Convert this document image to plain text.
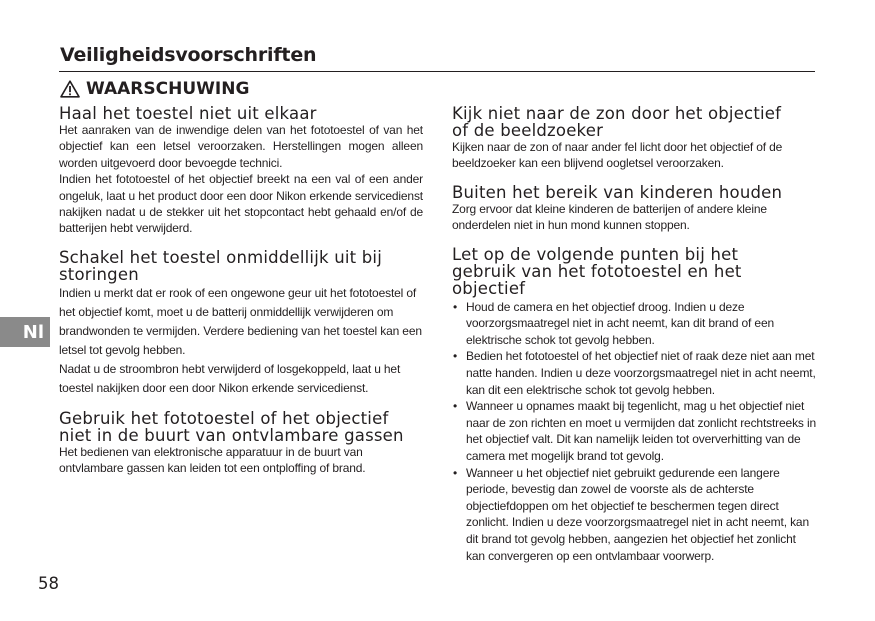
Veiligheidsvoorschriften
WAARSCHUWING
Haal het toestel niet uit elkaar

Het aanraken van de inwendige delen van het fototoestel of van het objectief kan een letsel veroorzaken. Herstellingen mogen alleen worden uitgevoerd door bevoegde technici.

Indien het fototoestel of het objectief breekt na een val of een ander ongeluk, laat u het product door een door Nikon erkende servicedienst nakijken nadat u de stekker uit het stopcontact hebt gehaald en/of de batterijen hebt verwijderd.

Schakel het toestel onmiddellijk uit bij storingen

Indien u merkt dat er rook of een ongewone geur uit het fototoestel of het objectief komt, moet u de batterij onmiddellijk verwijderen om brandwonden te vermijden. Verdere bediening van het toestel kan een letsel tot gevolg hebben.

Nadat u de stroombron hebt verwijderd of losgekoppeld, laat u het toestel nakijken door een door Nikon erkende servicedienst.

Gebruik het fototoestel of het objectief niet in de buurt van ontvlambare gassen

Het bedienen van elektronische apparatuur in de buurt van ontvlambare gassen kan leiden tot een ontploffing of brand.

Kijk niet naar de zon door het objectief of de beeldzoeker

Kijken naar de zon of naar ander fel licht door het objectief of de beeldzoeker kan een blijvend oogletsel veroorzaken.

Buiten het bereik van kinderen houden

Zorg ervoor dat kleine kinderen de batterijen of andere kleine onderdelen niet in hun mond kunnen stoppen.

Let op de volgende punten bij het gebruik van het fototoestel en het objectief
• Houd de camera en het objectief droog. Indien u deze voorzorgsmaatregel niet in acht neemt, kan dit brand of een elektrische schok tot gevolg hebben.
• Bedien het fototoestel of het objectief niet of raak deze niet aan met natte handen. Indien u deze voorzorgsmaatregel niet in acht neemt, kan dit een elektrische schok tot gevolg hebben.
• Wanneer u opnames maakt bij tegenlicht, mag u het objectief niet naar de zon richten en moet u vermijden dat zonlicht rechtstreeks in het objectief valt. Dit kan namelijk leiden tot oververhitting van de camera met mogelijk brand tot gevolg.
• Wanneer u het objectief niet gebruikt gedurende een langere periode, bevestig dan zowel de voorste als de achterste objectiefdoppen om het objectief te beschermen tegen direct zonlicht. Indien u deze voorzorgsmaatregel niet in acht neemt, kan dit brand tot gevolg hebben, aangezien het objectief het zonlicht kan convergeren op een ontvlambaar voorwerp.
Nl
58
